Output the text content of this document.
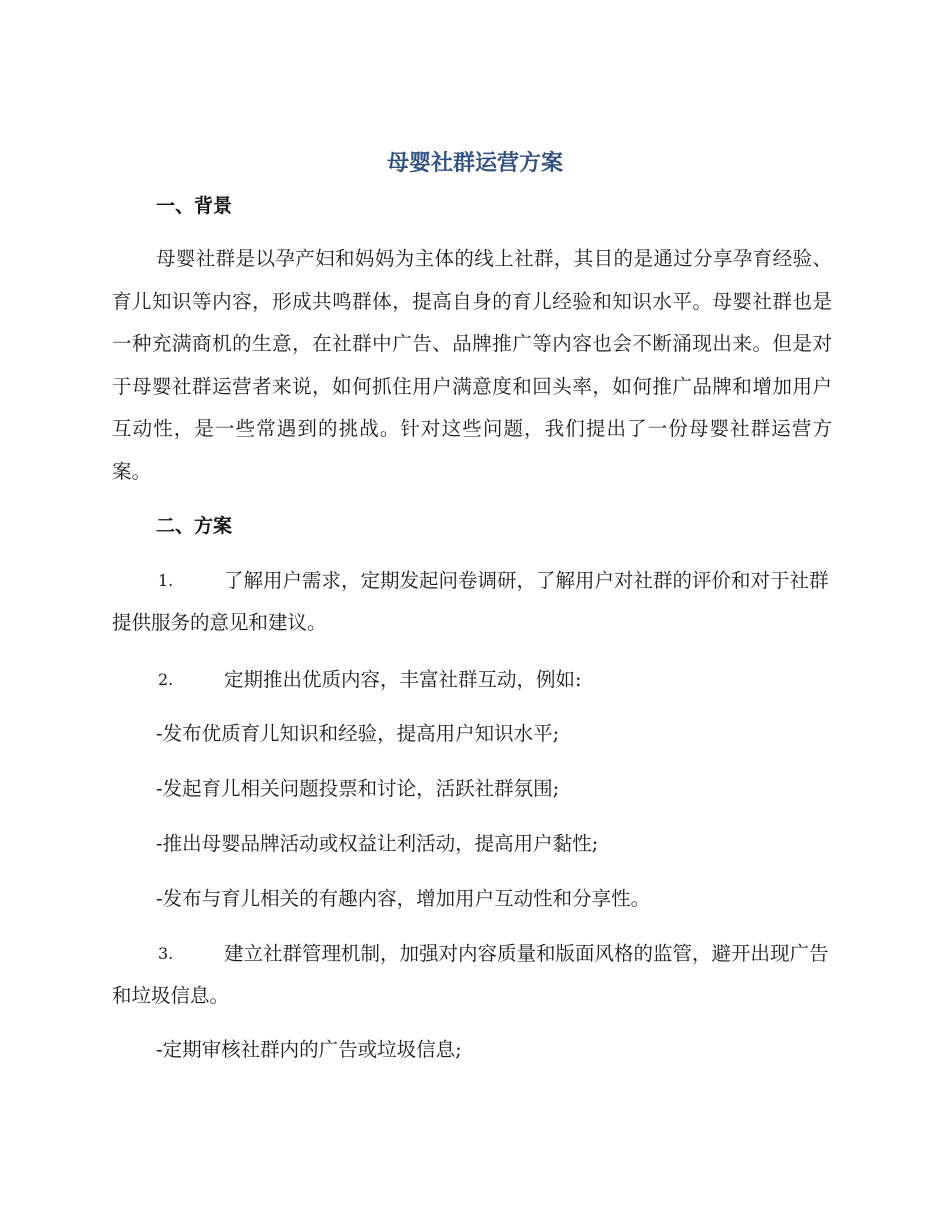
母婴社群运营方案
一、背景
母婴社群是以孕产妇和妈妈为主体的线上社群，其目的是通过分享孕育经验、育儿知识等内容，形成共鸣群体，提高自身的育儿经验和知识水平。母婴社群也是一种充满商机的生意，在社群中广告、品牌推广等内容也会不断涌现出来。但是对于母婴社群运营者来说，如何抓住用户满意度和回头率，如何推广品牌和增加用户互动性，是一些常遇到的挑战。针对这些问题，我们提出了一份母婴社群运营方案。
二、方案
1.	了解用户需求，定期发起问卷调研，了解用户对社群的评价和对于社群提供服务的意见和建议。
2.	定期推出优质内容，丰富社群互动，例如:
-发布优质育儿知识和经验，提高用户知识水平;
-发起育儿相关问题投票和讨论，活跃社群氛围;
-推出母婴品牌活动或权益让利活动，提高用户黏性;
-发布与育儿相关的有趣内容，增加用户互动性和分享性。
3.	建立社群管理机制，加强对内容质量和版面风格的监管，避开出现广告和垃圾信息。
-定期审核社群内的广告或垃圾信息;
